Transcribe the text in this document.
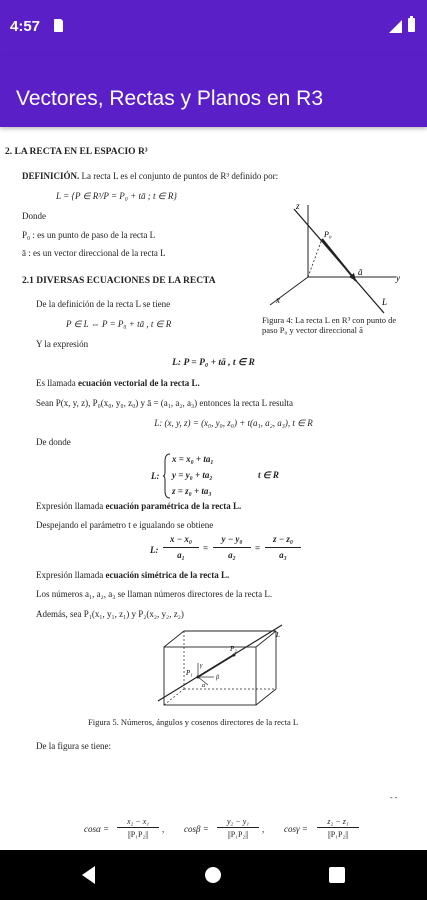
4:57
Vectores, Rectas y Planos en R3
2. LA RECTA EN EL ESPACIO R³
DEFINICIÓN. La recta L es el conjunto de puntos de R³ definido por:
L = {P ∈ R³/P = P₀ + tā ; t ∈ R}
Donde
P₀ : es un punto de paso de la recta L
ā : es un vector direccional de la recta L
z
y
x
P₀
ā
L
Figura 4: La recta L en R³ con punto de paso P₀ y vector direccional ā
2.1 DIVERSAS ECUACIONES DE LA RECTA
De la definición de la recta L se tiene
P ∈ L ⇔ P = P₀ + tā , t ∈ R
Y la expresión
L: P = P₀ + tā , t ∈ R
Es llamada ecuación vectorial de la recta L.
Sean P(x, y, z), P₀(x₀, y₀, z₀) y ā = (a₁, a₂, a₃) entonces la recta L resulta
L: (x, y, z) = (x₀, y₀, z₀) + t(a₁, a₂, a₃), t ∈ R
De donde
L:
x = x₀ + ta₁
y = y₀ + ta₂
z = z₀ + ta₃
t ∈ R
Expresión llamada ecuación paramétrica de la recta L.
Despejando el parámetro t e igualando se obtiene
L:
x − x₀
a₁
=
y − y₀
a₂
=
z − z₀
a₃
Expresión llamada ecuación simétrica de la recta L.
Los números a₁, a₂, a₃ se llaman números directores de la recta L.
Además, sea P₁(x₁, y₁, z₁) y P₂(x₂, y₂, z₂)
P₂
P₁
L
γ
α
β
Figura 5. Números, ángulos y cosenos directores de la recta L
De la figura se tiene:
- -
cosα =
x₂ − x₁
||P₁P₂||
, cosβ =
y₂ − y₁
||P₁P₂||
, cosγ =
z₂ − z₁
||P₁P₂||
